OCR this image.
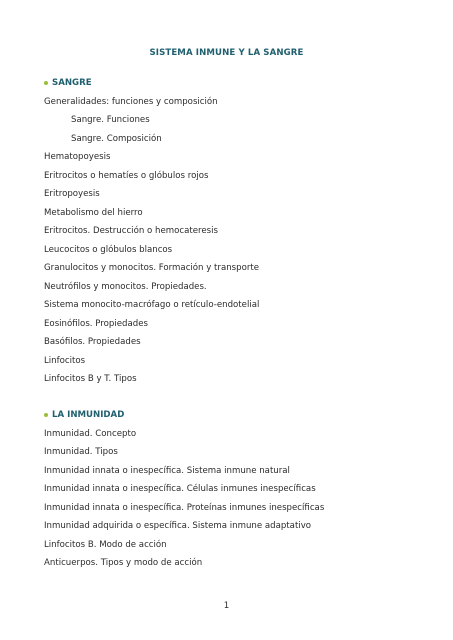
SISTEMA INMUNE Y LA SANGRE
SANGRE
Generalidades: funciones y composición
Sangre. Funciones
Sangre. Composición
Hematopoyesis
Eritrocitos o hematíes o glóbulos rojos
Eritropoyesis
Metabolismo del hierro
Eritrocitos. Destrucción o hemocateresis
Leucocitos o glóbulos blancos
Granulocitos y monocitos. Formación y transporte
Neutrófilos y monocitos. Propiedades.
Sistema monocito-macrófago o retículo-endotelial
Eosinófilos. Propiedades
Basófilos. Propiedades
Linfocitos
Linfocitos B y T. Tipos
LA INMUNIDAD
Inmunidad. Concepto
Inmunidad. Tipos
Inmunidad innata o inespecífica. Sistema inmune natural
Inmunidad innata o inespecífica. Células inmunes inespecíficas
Inmunidad innata o inespecífica. Proteínas inmunes inespecíficas
Inmunidad adquirida o específica. Sistema inmune adaptativo
Linfocitos B. Modo de acción
Anticuerpos. Tipos y modo de acción
1
